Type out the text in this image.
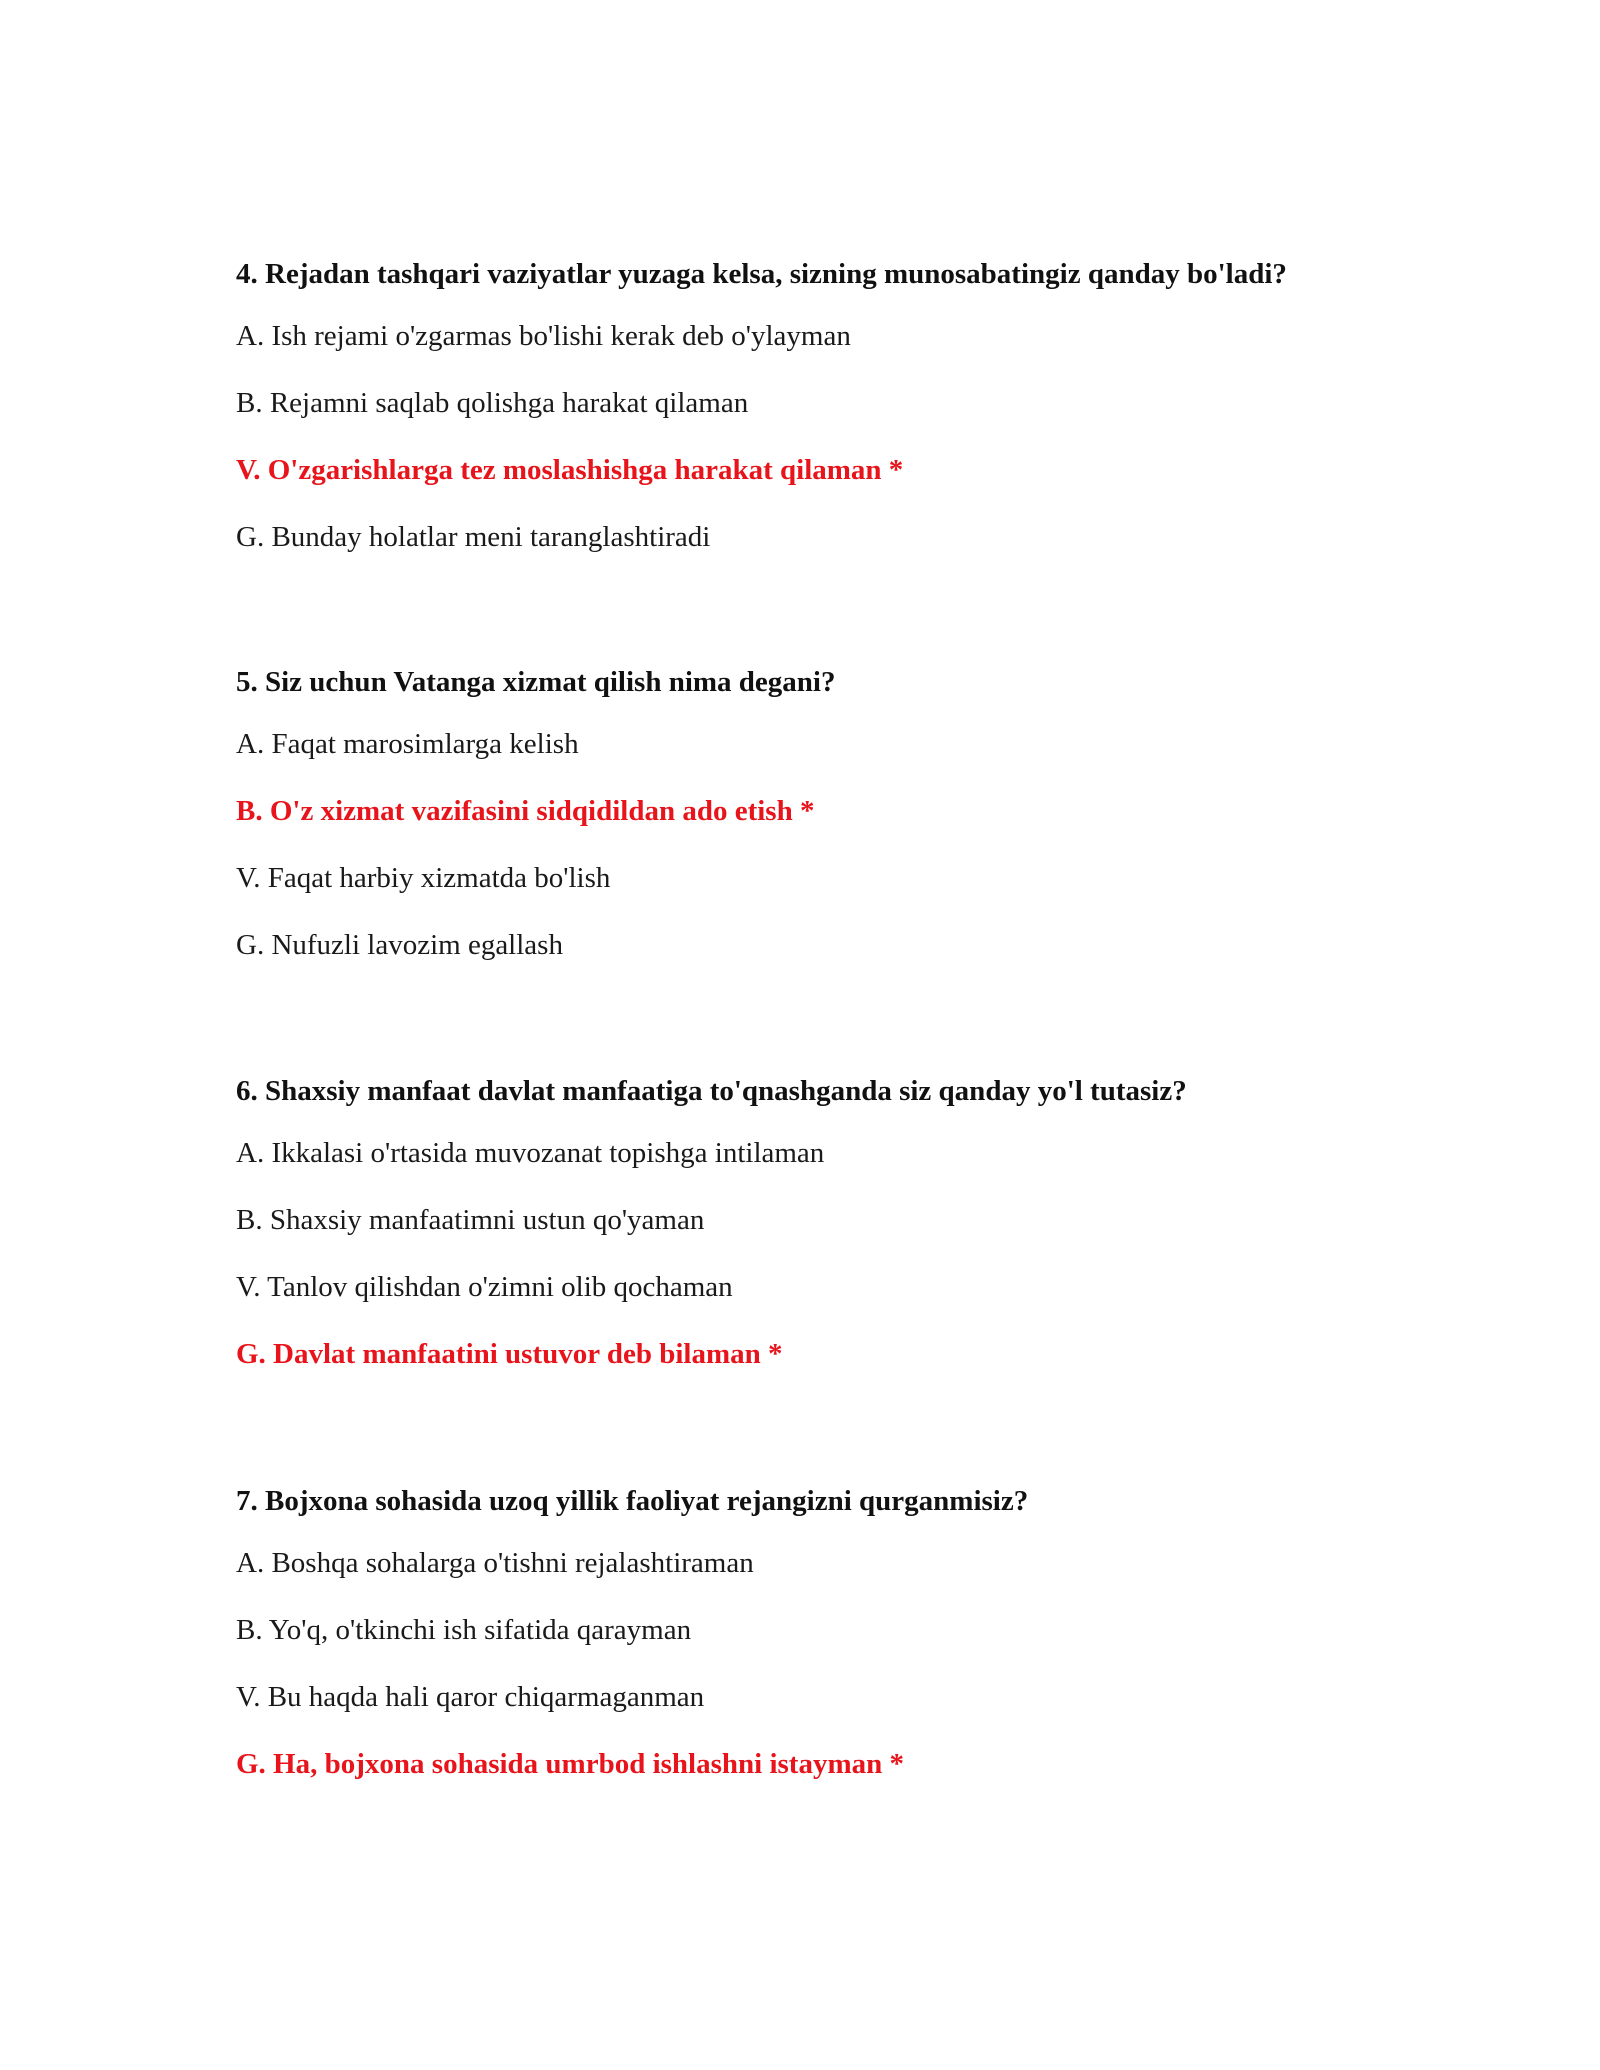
4. Rejadan tashqari vaziyatlar yuzaga kelsa, sizning munosabatingiz qanday bo'ladi?
A. Ish rejami o'zgarmas bo'lishi kerak deb o'ylayman
B. Rejamni saqlab qolishga harakat qilaman
V. O'zgarishlarga tez moslashishga harakat qilaman *
G. Bunday holatlar meni taranglashtiradi
5. Siz uchun Vatanga xizmat qilish nima degani?
A. Faqat marosimlarga kelish
B. O'z xizmat vazifasini sidqidildan ado etish *
V. Faqat harbiy xizmatda bo'lish
G. Nufuzli lavozim egallash
6. Shaxsiy manfaat davlat manfaatiga to'qnashganda siz qanday yo'l tutasiz?
A. Ikkalasi o'rtasida muvozanat topishga intilaman
B. Shaxsiy manfaatimni ustun qo'yaman
V. Tanlov qilishdan o'zimni olib qochaman
G. Davlat manfaatini ustuvor deb bilaman *
7. Bojxona sohasida uzoq yillik faoliyat rejangizni qurganmisiz?
A. Boshqa sohalarga o'tishni rejalashtiraman
B. Yo'q, o'tkinchi ish sifatida qarayman
V. Bu haqda hali qaror chiqarmaganman
G. Ha, bojxona sohasida umrbod ishlashni istayman *
